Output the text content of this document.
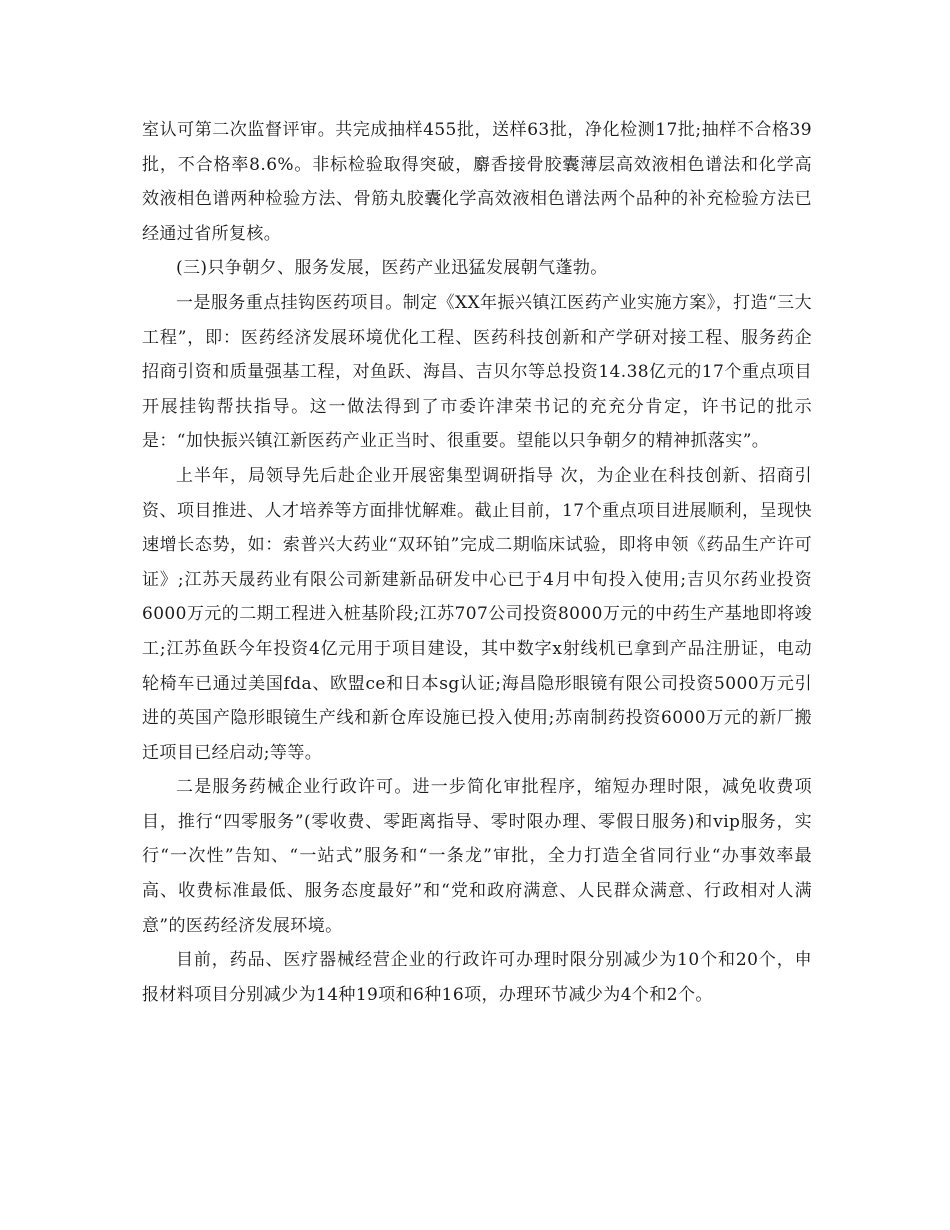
室认可第二次监督评审。共完成抽样455批，送样63批，净化检测17批;抽样不合格39批，不合格率8.6%。非标检验取得突破，麝香接骨胶囊薄层高效液相色谱法和化学高效液相色谱两种检验方法、骨筋丸胶囊化学高效液相色谱法两个品种的补充检验方法已经通过省所复核。

(三)只争朝夕、服务发展，医药产业迅猛发展朝气蓬勃。

一是服务重点挂钩医药项目。制定《XX年振兴镇江医药产业实施方案》，打造“三大工程”，即：医药经济发展环境优化工程、医药科技创新和产学研对接工程、服务药企招商引资和质量强基工程，对鱼跃、海昌、吉贝尔等总投资14.38亿元的17个重点项目开展挂钩帮扶指导。这一做法得到了市委许津荣书记的充充分肯定，许书记的批示是：“加快振兴镇江新医药产业正当时、很重要。望能以只争朝夕的精神抓落实”。

上半年，局领导先后赴企业开展密集型调研指导 次，为企业在科技创新、招商引资、项目推进、人才培养等方面排忧解难。截止目前，17个重点项目进展顺利，呈现快速增长态势，如：索普兴大药业“双环铂”完成二期临床试验，即将申领《药品生产许可证》;江苏天晟药业有限公司新建新品研发中心已于4月中旬投入使用;吉贝尔药业投资6000万元的二期工程进入桩基阶段;江苏707公司投资8000万元的中药生产基地即将竣工;江苏鱼跃今年投资4亿元用于项目建设，其中数字x射线机已拿到产品注册证，电动轮椅车已通过美国fda、欧盟ce和日本sg认证;海昌隐形眼镜有限公司投资5000万元引进的英国产隐形眼镜生产线和新仓库设施已投入使用;苏南制药投资6000万元的新厂搬迁项目已经启动;等等。

二是服务药械企业行政许可。进一步简化审批程序，缩短办理时限，减免收费项目，推行“四零服务”(零收费、零距离指导、零时限办理、零假日服务)和vip服务，实行“一次性”告知、“一站式”服务和“一条龙”审批，全力打造全省同行业“办事效率最高、收费标准最低、服务态度最好”和“党和政府满意、人民群众满意、行政相对人满意”的医药经济发展环境。

目前，药品、医疗器械经营企业的行政许可办理时限分别减少为10个和20个，申报材料项目分别减少为14种19项和6种16项，办理环节减少为4个和2个。
